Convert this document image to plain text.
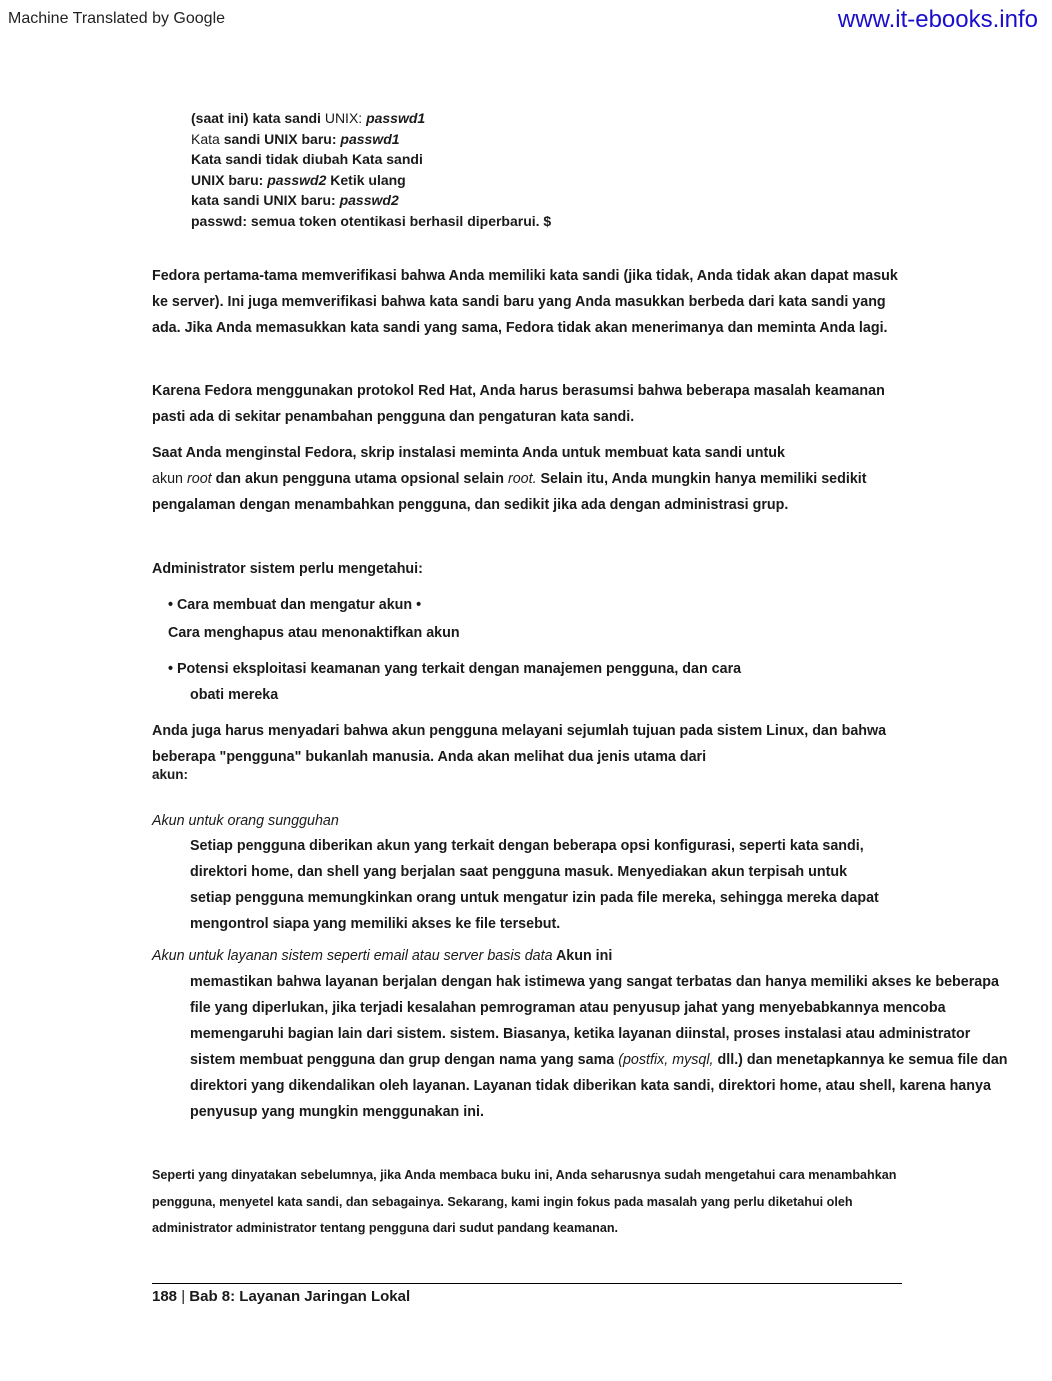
Machine Translated by Google	www.it-ebooks.info
(saat ini) kata sandi UNIX: passwd1
Kata sandi UNIX baru: passwd1
Kata sandi tidak diubah Kata sandi
UNIX baru: passwd2 Ketik ulang
kata sandi UNIX baru: passwd2
passwd: semua token otentikasi berhasil diperbarui. $
Fedora pertama-tama memverifikasi bahwa Anda memiliki kata sandi (jika tidak, Anda tidak akan dapat masuk ke server). Ini juga memverifikasi bahwa kata sandi baru yang Anda masukkan berbeda dari kata sandi yang ada. Jika Anda memasukkan kata sandi yang sama, Fedora tidak akan menerimanya dan meminta Anda lagi.
Karena Fedora menggunakan protokol Red Hat, Anda harus berasumsi bahwa beberapa masalah keamanan pasti ada di sekitar penambahan pengguna dan pengaturan kata sandi.
Saat Anda menginstal Fedora, skrip instalasi meminta Anda untuk membuat kata sandi untuk
akun root dan akun pengguna utama opsional selain root. Selain itu, Anda mungkin hanya memiliki sedikit pengalaman dengan menambahkan pengguna, dan sedikit jika ada dengan administrasi grup.
Administrator sistem perlu mengetahui:
• Cara membuat dan mengatur akun •
Cara menghapus atau menonaktifkan akun
• Potensi eksploitasi keamanan yang terkait dengan manajemen pengguna, dan cara
obati mereka
Anda juga harus menyadari bahwa akun pengguna melayani sejumlah tujuan pada sistem Linux, dan bahwa beberapa "pengguna" bukanlah manusia. Anda akan melihat dua jenis utama dari
akun:
Akun untuk orang sungguhan
Setiap pengguna diberikan akun yang terkait dengan beberapa opsi konfigurasi, seperti kata sandi, direktori home, dan shell yang berjalan saat pengguna masuk. Menyediakan akun terpisah untuk setiap pengguna memungkinkan orang untuk mengatur izin pada file mereka, sehingga mereka dapat mengontrol siapa yang memiliki akses ke file tersebut.
Akun untuk layanan sistem seperti email atau server basis data Akun ini
memastikan bahwa layanan berjalan dengan hak istimewa yang sangat terbatas dan hanya memiliki akses ke beberapa file yang diperlukan, jika terjadi kesalahan pemrograman atau penyusup jahat yang menyebabkannya mencoba memengaruhi bagian lain dari sistem. sistem. Biasanya, ketika layanan diinstal, proses instalasi atau administrator sistem membuat pengguna dan grup dengan nama yang sama (postfix, mysql, dll.) dan menetapkannya ke semua file dan direktori yang dikendalikan oleh layanan. Layanan tidak diberikan kata sandi, direktori home, atau shell, karena hanya penyusup yang mungkin menggunakan ini.
Seperti yang dinyatakan sebelumnya, jika Anda membaca buku ini, Anda seharusnya sudah mengetahui cara menambahkan pengguna, menyetel kata sandi, dan sebagainya. Sekarang, kami ingin fokus pada masalah yang perlu diketahui oleh administrator administrator tentang pengguna dari sudut pandang keamanan.
188 | Bab 8: Layanan Jaringan Lokal
